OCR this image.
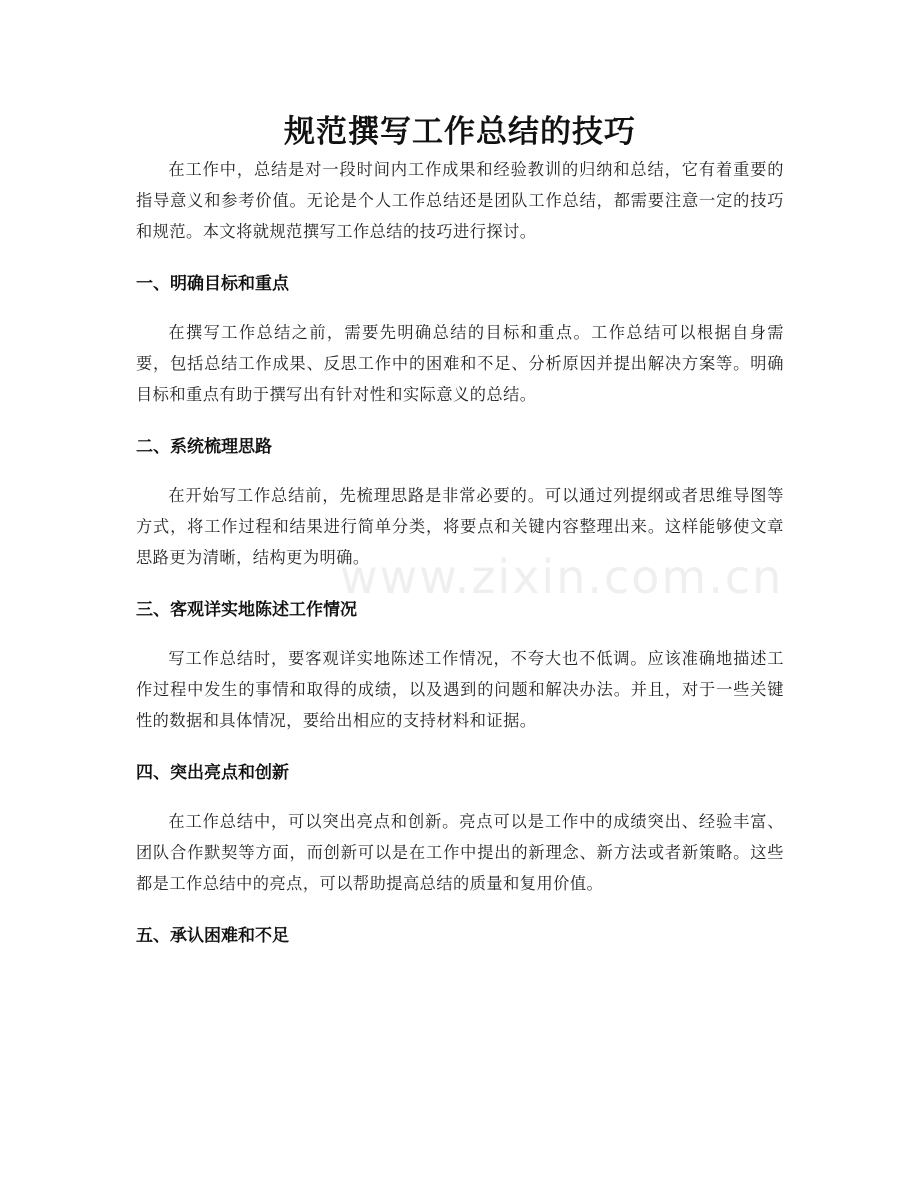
规范撰写工作总结的技巧

在工作中，总结是对一段时间内工作成果和经验教训的归纳和总结，它有着重要的指导意义和参考价值。无论是个人工作总结还是团队工作总结，都需要注意一定的技巧和规范。本文将就规范撰写工作总结的技巧进行探讨。

一、明确目标和重点

在撰写工作总结之前，需要先明确总结的目标和重点。工作总结可以根据自身需要，包括总结工作成果、反思工作中的困难和不足、分析原因并提出解决方案等。明确目标和重点有助于撰写出有针对性和实际意义的总结。

二、系统梳理思路

在开始写工作总结前，先梳理思路是非常必要的。可以通过列提纲或者思维导图等方式，将工作过程和结果进行简单分类，将要点和关键内容整理出来。这样能够使文章思路更为清晰，结构更为明确。

三、客观详实地陈述工作情况

写工作总结时，要客观详实地陈述工作情况，不夸大也不低调。应该准确地描述工作过程中发生的事情和取得的成绩，以及遇到的问题和解决办法。并且，对于一些关键性的数据和具体情况，要给出相应的支持材料和证据。

四、突出亮点和创新

在工作总结中，可以突出亮点和创新。亮点可以是工作中的成绩突出、经验丰富、团队合作默契等方面，而创新可以是在工作中提出的新理念、新方法或者新策略。这些都是工作总结中的亮点，可以帮助提高总结的质量和复用价值。

五、承认困难和不足
www.zixin.com.cn
